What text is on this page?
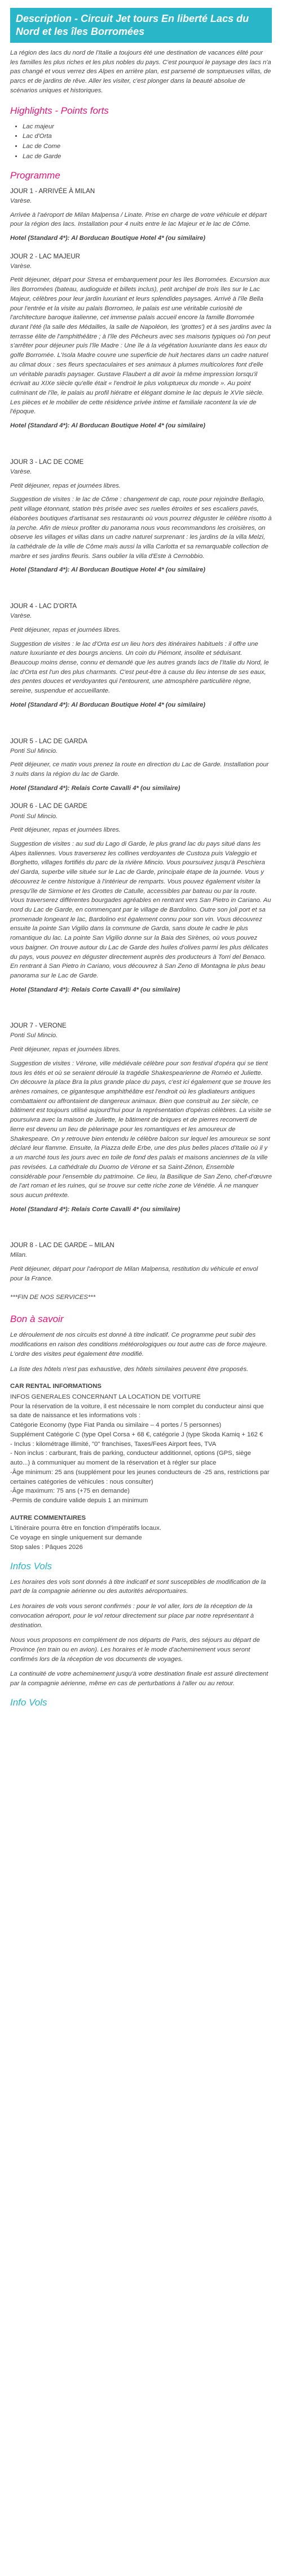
Description - Circuit Jet tours En liberté Lacs du Nord et les îles Borromées

La région des lacs du nord de l'Italie a toujours été une destination de vacances élité pour les familles les plus riches et les plus nobles du pays. C'est pourquoi le paysage des lacs n'a pas changé et vous verrez des Alpes en arrière plan, est parsemé de somptueuses villas, de parcs et de jardins de rêve. Aller les visiter, c'est plonger dans la beauté absolue de scénarios uniques et historiques.

Highlights - Points forts
• Lac majeur
• Lac d'Orta
• Lac de Come
• Lac de Garde
Programme

JOUR 1 - ARRIVÉE À MILAN

Varèse.

Arrivée à l'aéroport de Milan Malpensa / Linate. Prise en charge de votre véhicule et départ pour la région des lacs. Installation pour 4 nuits entre le lac Majeur et le lac de Côme.

Hotel (Standard 4*): Al Borducan Boutique Hotel 4* (ou similaire)

JOUR 2 - LAC MAJEUR

Varèse.

Petit déjeuner, départ pour Stresa et embarquement pour les îles Borromées. Excursion aux îles Borromées (bateau, audioguide et billets inclus), petit archipel de trois îles sur le Lac Majeur, célèbres pour leur jardin luxuriant et leurs splendides paysages. Arrivé à l'île Bella pour l'entrée et la visite au palais Borromeo, le palais est une véritable curiosité de l'architecture baroque italienne, cet immense palais accueil encore la famille Borromée durant l'été (la salle des Médailles, la salle de Napoléon, les 'grottes') et à ses jardins avec la terrasse élite de l'amphithéâtre ; à l'île des Pêcheurs avec ses maisons typiques où l'on peut s'arrêter pour déjeuner puis l'île Madre : Une île à la végétation luxuriante dans les eaux du golfe Borromée. L'Isola Madre couvre une superficie de huit hectares dans un cadre naturel au climat doux : ses fleurs spectaculaires et ses animaux à plumes multicolores font d'elle un véritable paradis paysager. Gustave Flaubert a dit avoir la même impression lorsqu'il écrivait au XIXe siècle qu'elle était « l'endroit le plus voluptueux du monde ». Au point culminant de l'île, le palais au profil hiératre et élégant domine le lac depuis le XVIe siècle. Les pièces et le mobilier de cette résidence privée intime et familiale racontent la vie de l'époque.

Hotel (Standard 4*): Al Borducan Boutique Hotel 4* (ou similaire)

JOUR 3 - LAC DE COME

Varèse.

Petit déjeuner, repas et journées libres.

Suggestion de visites : le lac de Côme : changement de cap, route pour rejoindre Bellagio, petit village étonnant, station très prisée avec ses ruelles étroites et ses escaliers pavés, élaborées boutiques d'artisanat ses restaurants où vous pourrez déguster le célèbre risotto à la perche. Afin de mieux profiter du panorama nous vous recommandons les croisières, on observe les villages et villas dans un cadre naturel surprenant : les jardins de la villa Melzi, la cathédrale de la ville de Côme mais aussi la villa Carlotta et sa remarquable collection de marbre et ses jardins fleuris. Sans oublier la villa d'Este à Cernobbio.

Hotel (Standard 4*): Al Borducan Boutique Hotel 4* (ou similaire)

JOUR 4 - LAC D'ORTA

Varèse.

Petit déjeuner, repas et journées libres.

Suggestion de visites : le lac d'Orta est un lieu hors des itinéraires habituels : il offre une nature luxuriante et des bourgs anciens. Un coin du Piémont, insolite et séduisant. Beaucoup moins dense, connu et demandé que les autres grands lacs de l'Italie du Nord, le lac d'Orta est l'un des plus charmants. C'est peut-être à cause du lieu intense de ses eaux, des pentes douces et verdoyantes qui l'entourent, une atmosphère particulière règne, sereine, suspendue et accueillante.

Hotel (Standard 4*): Al Borducan Boutique Hotel 4* (ou similaire)

JOUR 5 - LAC DE GARDA

Ponti Sul Mincio.

Petit déjeuner, ce matin vous prenez la route en direction du Lac de Garde. Installation pour 3 nuits dans la région du lac de Garde.

Hotel (Standard 4*): Relais Corte Cavalli 4* (ou similaire)

JOUR 6 - LAC DE GARDE

Ponti Sul Mincio.

Petit déjeuner, repas et journées libres.

Suggestion de visites : au sud du Lago di Garde, le plus grand lac du pays situé dans les Alpes italiennes. Vous traverserez les collines verdoyantes de Custoza puis Valeggio et Borghetto, villages fortifiés du parc de la rivière Mincio. Vous poursuivez jusqu'à Peschiera del Garda, superbe ville située sur le Lac de Garde, principale étape de la journée. Vous y découvrez le centre historique à l'intérieur de remparts. Vous pouvez également visiter la presqu'île de Sirmione et les Grottes de Catulle, accessibles par bateau ou par la route. Vous traverserez différentes bourgades agréables en rentrant vers San Pietro in Cariano. Au nord du Lac de Garde, en commençant par le village de Bardolino. Outre son joli port et sa promenade longeant le lac, Bardolino est également connu pour son vin. Vous découvrez ensuite la pointe San Vigilio dans la commune de Garda, sans doute le cadre le plus romantique du lac. La pointe San Vigilio donne sur la Baia des Sirènes, où vous pouvez vous baigner. On trouve autour du Lac de Garde des huiles d'olives parmi les plus délicates du pays, vous pouvez en déguster directement auprès des producteurs à Torri del Benaco. En rentrant à San Pietro in Cariano, vous découvrez à San Zeno di Montagna le plus beau panorama sur le Lac de Garde.

Hotel (Standard 4*): Relais Corte Cavalli 4* (ou similaire)

JOUR 7 - VERONE

Ponti Sul Mincio.

Petit déjeuner, repas et journées libres.

Suggestion de visites : Vérone, ville médiévale célèbre pour son festival d'opéra qui se tient tous les étés et où se seraient déroulé la tragédie Shakespearienne de Roméo et Juliette. On découvre la place Bra la plus grande place du pays, c'est ici également que se trouve les arènes romaines, ce gigantesque amphithéâtre est l'endroit où les gladiateurs antiques combattaient ou affrontaient de dangereux animaux. Bien que construit au 1er siècle, ce bâtiment est toujours utilisé aujourd'hui pour la représentation d'opéras célèbres. La visite se poursuivra avec la maison de Juliette, le bâtiment de briques et de pierres reconverti de lierre est devenu un lieu de pèlerinage pour les romantiques et les amoureux de Shakespeare. On y retrouve bien entendu le célèbre balcon sur lequel les amoureux se sont déclaré leur flamme. Ensuite, la Piazza delle Erbe, une des plus belles places d'Italie où il y a un marché tous les jours avec en toile de fond des palais et maisons anciennes de la ville pas revisées. La cathédrale du Duomo de Vérone et sa Saint-Zénon, Ensemble considérable pour l'ensemble du patrimoine. Ce lieu, la Basilique de San Zeno, chef-d'œuvre de l'art roman et les ruines, qui se trouve sur cette riche zone de Vénétie. À ne manquer sous aucun prétexte.

Hotel (Standard 4*): Relais Corte Cavalli 4* (ou similaire)

JOUR 8 - LAC DE GARDE – MILAN

Milan.

Petit déjeuner, départ pour l'aéroport de Milan Malpensa, restitution du véhicule et envol pour la France.

***FIN DE NOS SERVICES***

Bon à savoir

Le déroulement de nos circuits est donné à titre indicatif. Ce programme peut subir des modifications en raison des conditions météorologiques ou tout autre cas de force majeure. L'ordre des visites peut également être modifié.

La liste des hôtels n'est pas exhaustive, des hôtels similaires peuvent être proposés.

CAR RENTAL INFORMATIONS

INFOS GENERALES CONCERNANT LA LOCATION DE VOITURE
Pour la réservation de la voiture, il est nécessaire le nom complet du conducteur ainsi que sa date de naissance et les informations vols :
Catégorie Economy (type Fiat Panda ou similaire – 4 portes / 5 personnes)
Supplément Catégorie C (type Opel Corsa + 68 €, catégorie J (type Skoda Kamiq + 162 €
- Inclus : kilométrage illimité, "0" franchises, Taxes/Fees Airport fees, TVA
- Non inclus : carburant, frais de parking, conducteur additionnel, options (GPS, siège auto...) à communiquer au moment de la réservation et à régler sur place
-Âge minimum: 25 ans (supplément pour les jeunes conducteurs de -25 ans, restrictions par certaines catégories de véhicules : nous consulter)
-Âge maximum: 75 ans (+75 en demande)
-Permis de conduire valide depuis 1 an minimum

AUTRE COMMENTAIRES

L'itinéraire pourra être en fonction d'impératifs locaux.
Ce voyage en single uniquement sur demande
Stop sales : Pâques 2026
Infos Vols

Les horaires des vols sont donnés à titre indicatif et sont susceptibles de modification de la part de la compagnie aérienne ou des autorités aéroportuaires.

Les horaires de vols vous seront confirmés : pour le vol aller, lors de la réception de la convocation aéroport, pour le vol retour directement sur place par notre représentant à destination.

Nous vous proposons en complément de nos départs de Paris, des séjours au départ de Province (en train ou en avion). Les horaires et le mode d'acheminement vous seront confirmés lors de la réception de vos documents de voyages.

La continuité de votre acheminement jusqu'à votre destination finale est assuré directement par la compagnie aérienne, même en cas de perturbations à l'aller ou au retour.

Info Vols
